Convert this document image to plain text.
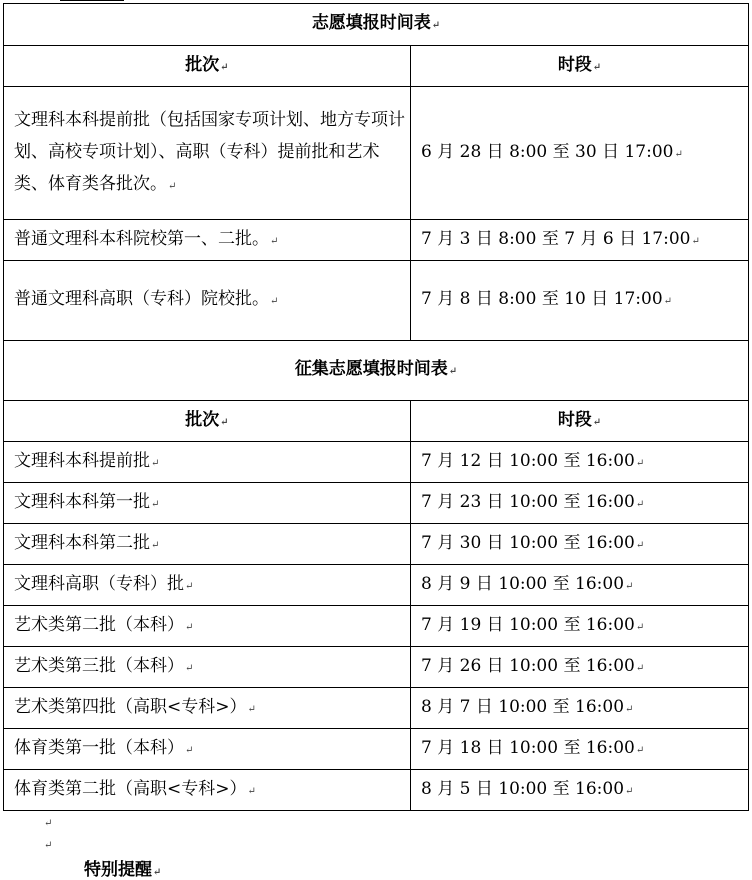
志愿填报时间表↵	
批次↵	时段↵
文理科本科提前批（包括国家专项计划、地方专项计划、高校专项计划）、高职（专科）提前批和艺术类、体育类各批次。↵	6 月 28 日 8:00 至 30 日 17:00↵
普通文理科本科院校第一、二批。↵	7 月 3 日 8:00 至 7 月 6 日 17:00↵
普通文理科高职（专科）院校批。↵	7 月 8 日 8:00 至 10 日 17:00↵
征集志愿填报时间表↵	
批次↵	时段↵
文理科本科提前批↵	7 月 12 日 10:00 至 16:00↵
文理科本科第一批↵	7 月 23 日 10:00 至 16:00↵
文理科本科第二批↵	7 月 30 日 10:00 至 16:00↵
文理科高职（专科）批↵	8 月 9 日 10:00 至 16:00↵
艺术类第二批（本科）↵	7 月 19 日 10:00 至 16:00↵
艺术类第三批（本科）↵	7 月 26 日 10:00 至 16:00↵
艺术类第四批（高职<专科>）↵	8 月 7 日 10:00 至 16:00↵
体育类第一批（本科）↵	7 月 18 日 10:00 至 16:00↵
体育类第二批（高职<专科>）↵	8 月 5 日 10:00 至 16:00↵
↵
↵
特别提醒↵
